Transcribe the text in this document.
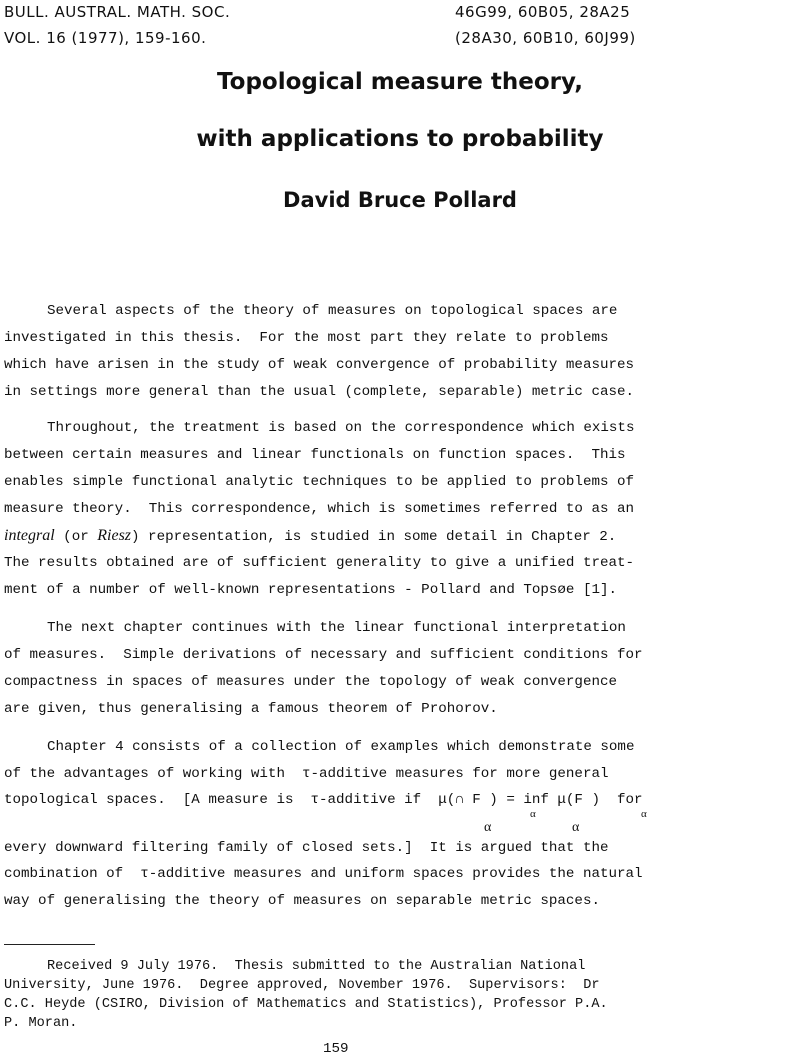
BULL. AUSTRAL. MATH. SOC.
VOL. 16 (1977), 159-160.
46G99, 60B05, 28A25
(28A30, 60B10, 60J99)
Topological measure theory,
with applications to probability
David Bruce Pollard
Several aspects of the theory of measures on topological spaces are
investigated in this thesis.  For the most part they relate to problems
which have arisen in the study of weak convergence of probability measures
in settings more general than the usual (complete, separable) metric case.
Throughout, the treatment is based on the correspondence which exists
between certain measures and linear functionals on function spaces.  This
enables simple functional analytic techniques to be applied to problems of
measure theory.  This correspondence, which is sometimes referred to as an
integral (or Riesz) representation, is studied in some detail in Chapter 2.
The results obtained are of sufficient generality to give a unified treat-
ment of a number of well-known representations - Pollard and Topsøe [1].
The next chapter continues with the linear functional interpretation
of measures.  Simple derivations of necessary and sufficient conditions for
compactness in spaces of measures under the topology of weak convergence
are given, thus generalising a famous theorem of Prohorov.
Chapter 4 consists of a collection of examples which demonstrate some
of the advantages of working with  τ-additive measures for more general
topological spaces.  [A measure is  τ-additive if  μ(∩ F ) = inf μ(F )  for
α	α
α	α
every downward filtering family of closed sets.]  It is argued that the
combination of  τ-additive measures and uniform spaces provides the natural
way of generalising the theory of measures on separable metric spaces.
Received 9 July 1976.  Thesis submitted to the Australian National
University, June 1976.  Degree approved, November 1976.  Supervisors:  Dr
C.C. Heyde (CSIRO, Division of Mathematics and Statistics), Professor P.A.
P. Moran.
159
